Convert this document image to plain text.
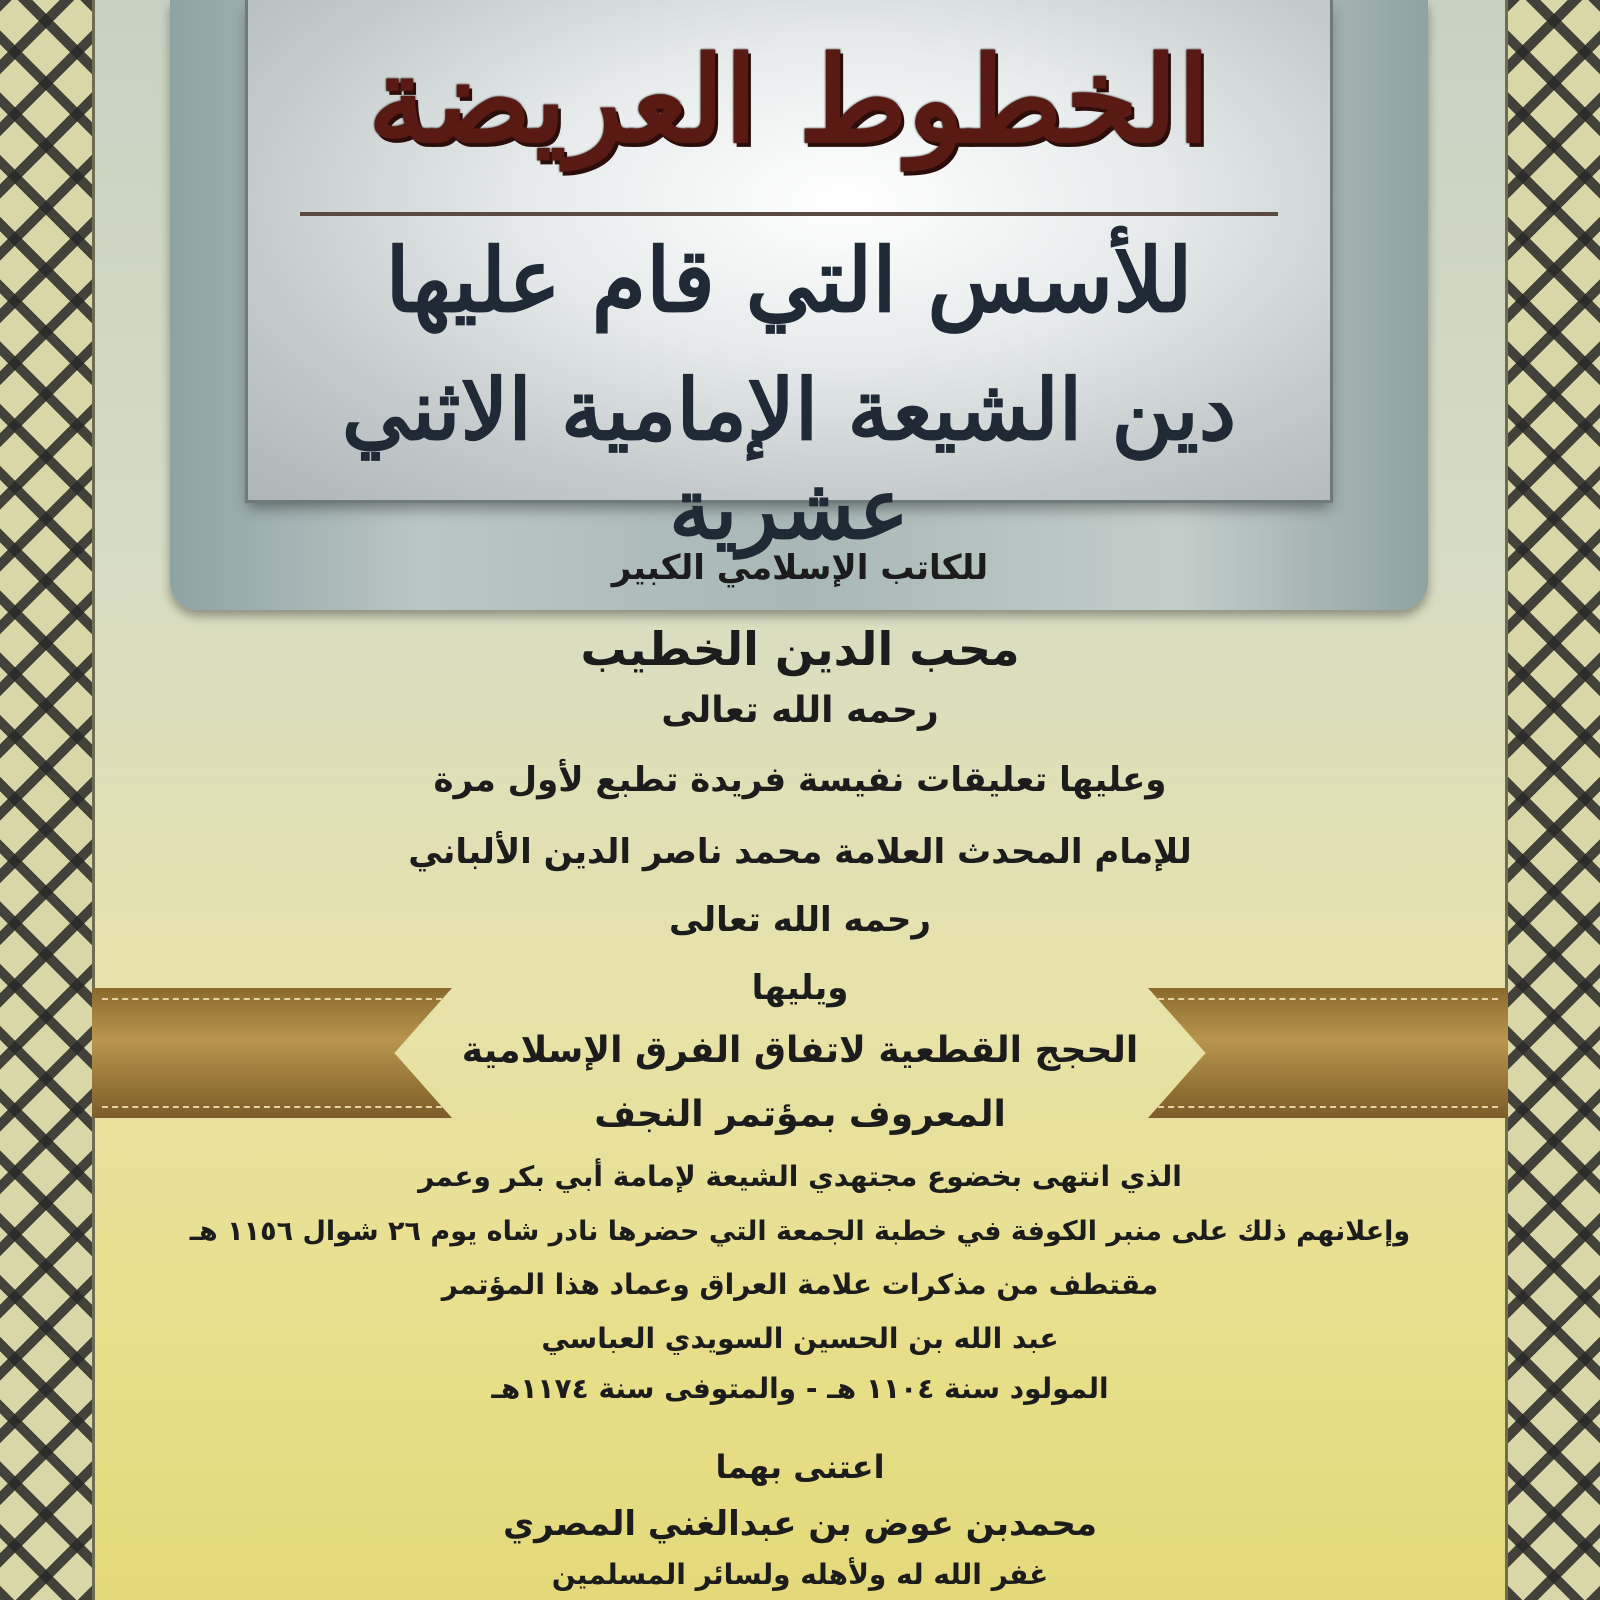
الخطوط العريضة
للأسس التي قام عليها
دين الشيعة الإمامية الاثني عشرية

للكاتب الإسلامي الكبير

محب الدين الخطيب

رحمه الله تعالى

وعليها تعليقات نفيسة فريدة تطبع لأول مرة

للإمام المحدث العلامة محمد ناصر الدين الألباني

رحمه الله تعالى

ويليها

الحجج القطعية لاتفاق الفرق الإسلامية

المعروف بمؤتمر النجف

الذي انتهى بخضوع مجتهدي الشيعة لإمامة أبي بكر وعمر

وإعلانهم ذلك على منبر الكوفة في خطبة الجمعة التي حضرها نادر شاه يوم ٢٦ شوال ١١٥٦ هـ

مقتطف من مذكرات علامة العراق وعماد هذا المؤتمر

عبد الله بن الحسين السويدي العباسي

المولود سنة ١١٠٤ هـ - والمتوفى سنة ١١٧٤هـ

اعتنى بهما

محمدبن عوض بن عبدالغني المصري

غفر الله له ولأهله ولسائر المسلمين
